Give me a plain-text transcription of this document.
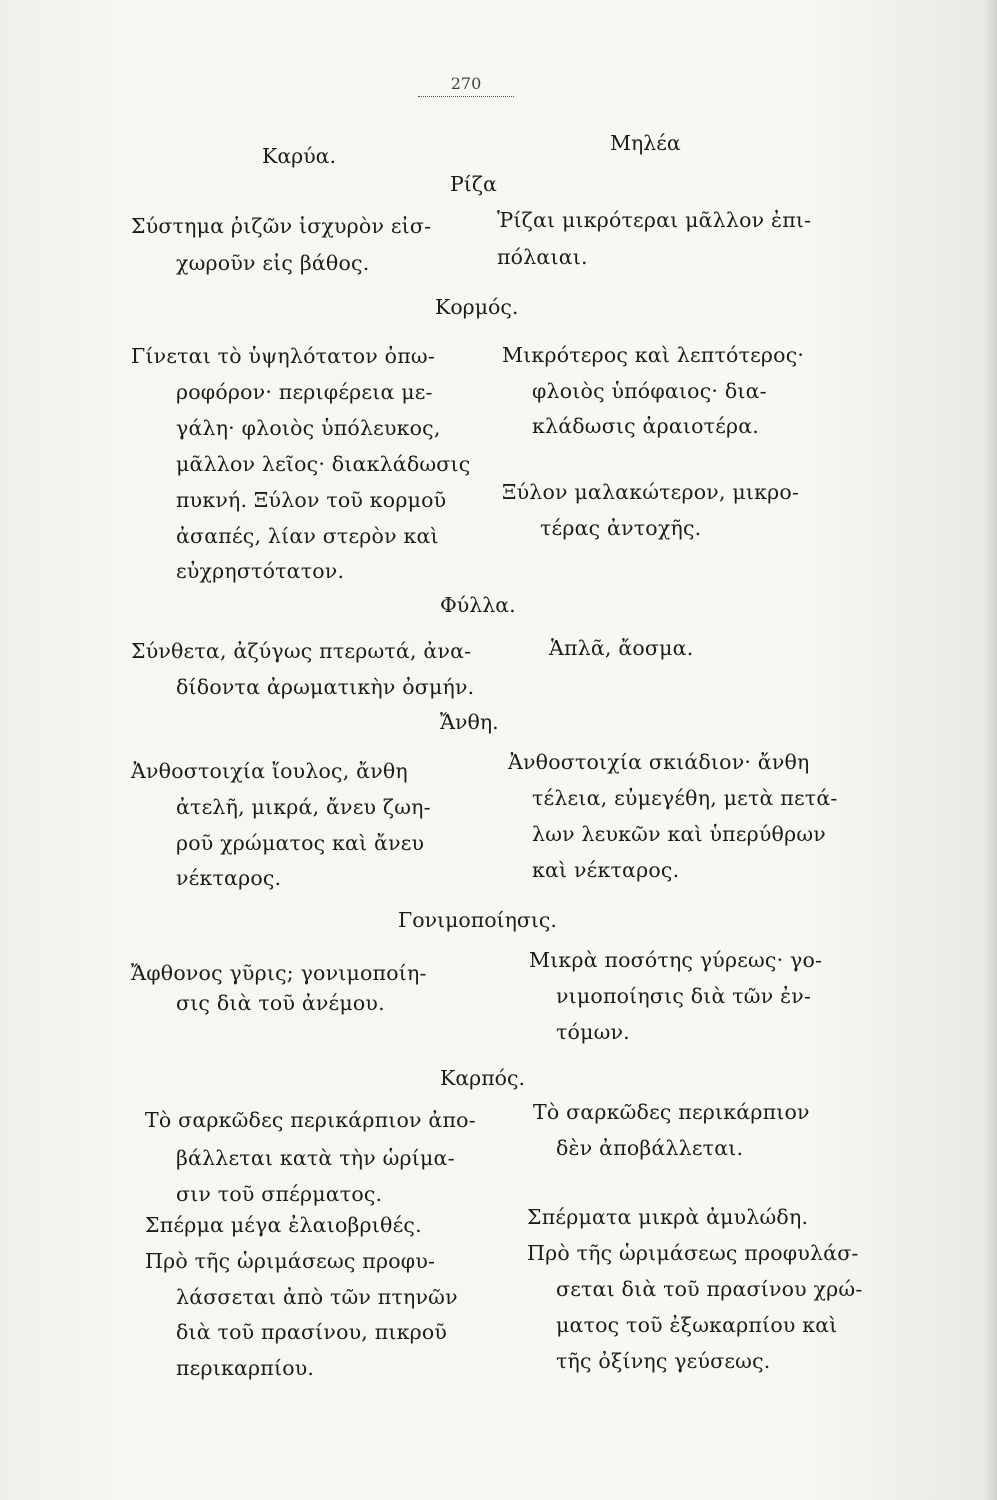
270
Καρύα.
Μηλέα
Ρίζα
Κορμός.
Φύλλα.
Ἄνθη.
Γονιμοποίησις.
Καρπός.
Σύστημα ῥιζῶν ἰσχυρὸν εἰσ-
χωροῦν εἰς βάθος.
Γίνεται τὸ ὑψηλότατον ὀπω-
ροφόρον· περιφέρεια με-
γάλη· φλοιὸς ὑπόλευκος,
μᾶλλον λεῖος· διακλάδωσις
πυκνή. Ξύλον τοῦ κορμοῦ
ἀσαπές, λίαν στερὸν καὶ
εὐχρηστότατον.
Σύνθετα, ἀζύγως πτερωτά, ἀνα-
δίδοντα ἀρωματικὴν ὀσμήν.
Ἀνθοστοιχία ἴουλος, ἄνθη
ἀτελῆ, μικρά, ἄνευ ζωη-
ροῦ χρώματος καὶ ἄνευ
νέκταρος.
Ἄφθονος γῦρις; γονιμοποίη-
σις διὰ τοῦ ἀνέμου.
Τὸ σαρκῶδες περικάρπιον ἀπο-
βάλλεται κατὰ τὴν ὡρίμα-
σιν τοῦ σπέρματος.
Σπέρμα μέγα ἐλαιοβριθές.
Πρὸ τῆς ὡριμάσεως προφυ-
λάσσεται ἀπὸ τῶν πτηνῶν
διὰ τοῦ πρασίνου, πικροῦ
περικαρπίου.
Ῥίζαι μικρότεραι μᾶλλον ἐπι-
πόλαιαι.
Μικρότερος καὶ λεπτότερος·
φλοιὸς ὑπόφαιος· δια-
κλάδωσις ἀραιοτέρα.
Ξύλον μαλακώτερον, μικρο-
τέρας ἀντοχῆς.
Ἁπλᾶ, ἄοσμα.
Ἀνθοστοιχία σκιάδιον· ἄνθη
τέλεια, εὐμεγέθη, μετὰ πετά-
λων λευκῶν καὶ ὑπερύθρων
καὶ νέκταρος.
Μικρὰ ποσότης γύρεως· γο-
νιμοποίησις διὰ τῶν ἐν-
τόμων.
Τὸ σαρκῶδες περικάρπιον
δὲν ἀποβάλλεται.
Σπέρματα μικρὰ ἀμυλώδη.
Πρὸ τῆς ὡριμάσεως προφυλάσ-
σεται διὰ τοῦ πρασίνου χρώ-
ματος τοῦ ἐξωκαρπίου καὶ
τῆς ὀξίνης γεύσεως.
